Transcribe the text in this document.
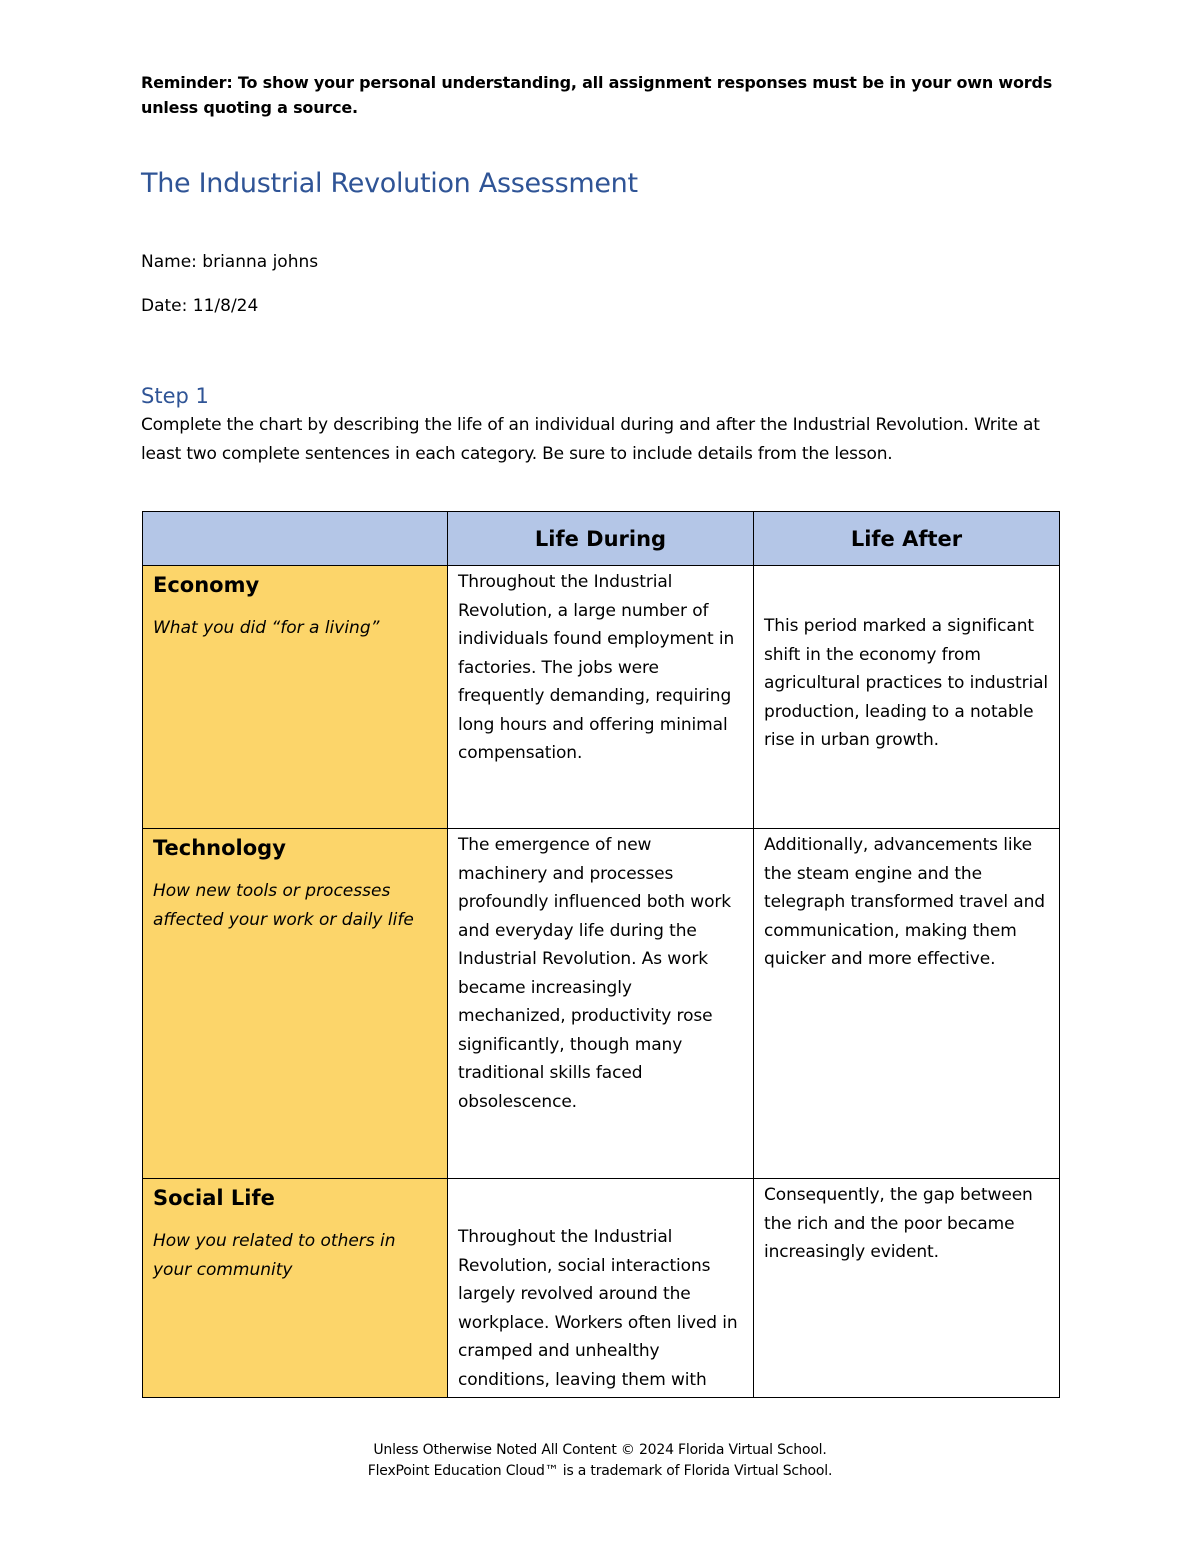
Reminder: To show your personal understanding, all assignment responses must be in your own words unless quoting a source.
The Industrial Revolution Assessment
Name: brianna johns
Date: 11/8/24
Step 1
Complete the chart by describing the life of an individual during and after the Industrial Revolution. Write at least two complete sentences in each category. Be sure to include details from the lesson.
	Life During	Life After

Economy
What you did “for a living”	Throughout the Industrial Revolution, a large number of individuals found employment in factories. The jobs were frequently demanding, requiring long hours and offering minimal compensation.	This period marked a significant shift in the economy from agricultural practices to industrial production, leading to a notable rise in urban growth.

Technology
How new tools or processes affected your work or daily life	The emergence of new machinery and processes profoundly influenced both work and everyday life during the Industrial Revolution. As work became increasingly mechanized, productivity rose significantly, though many traditional skills faced obsolescence.	Additionally, advancements like the steam engine and the telegraph transformed travel and communication, making them quicker and more effective.

Social Life
How you related to others in your community	Throughout the Industrial Revolution, social interactions largely revolved around the workplace. Workers often lived in cramped and unhealthy conditions, leaving them with	Consequently, the gap between the rich and the poor became increasingly evident.
Unless Otherwise Noted All Content © 2024 Florida Virtual School.
FlexPoint Education Cloud™ is a trademark of Florida Virtual School.
